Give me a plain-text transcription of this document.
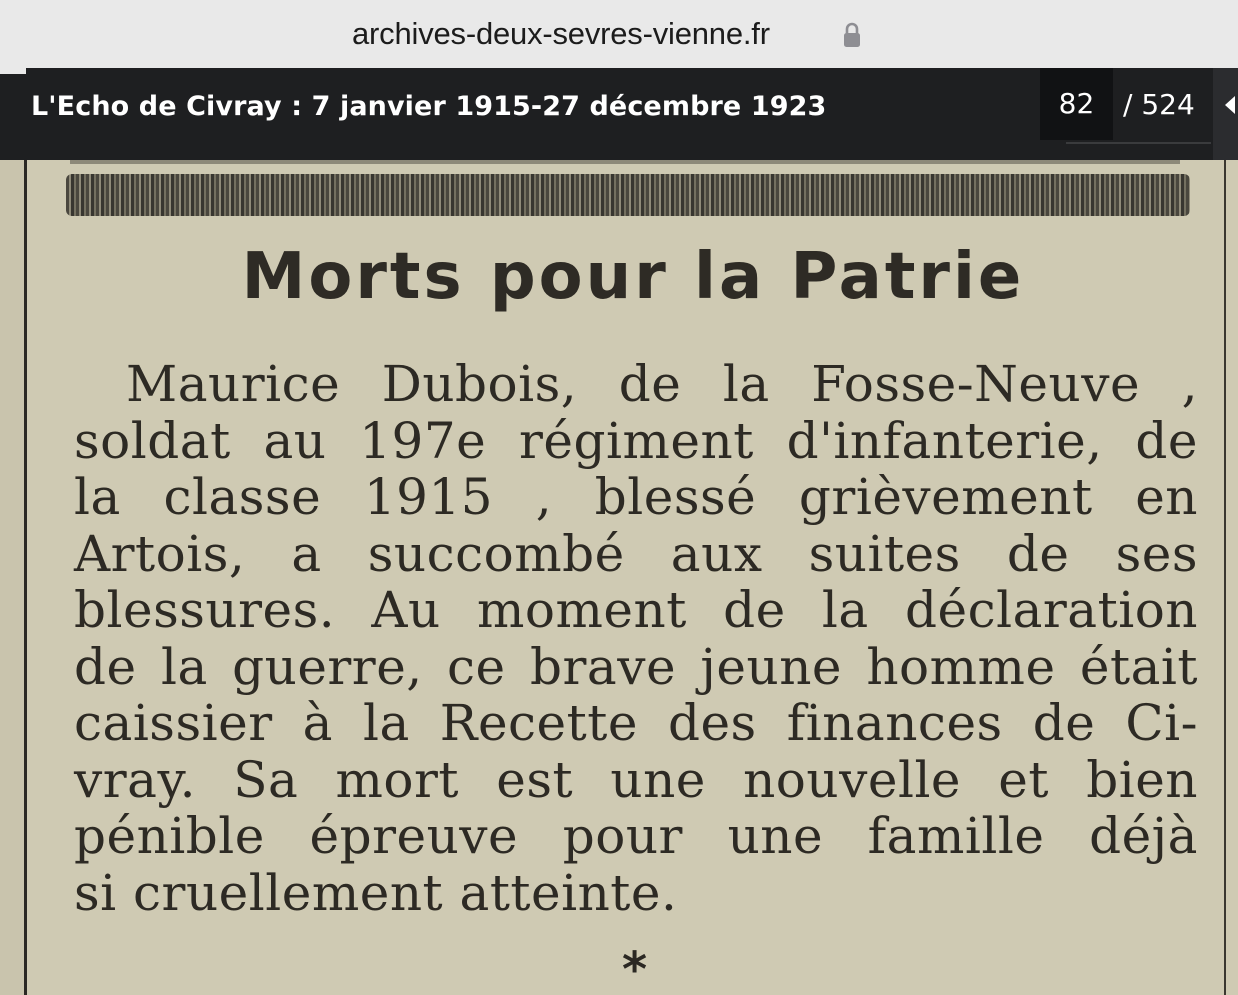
archives-deux-sevres-vienne.fr
L'Echo de Civray : 7 janvier 1915-27 décembre 1923	82	/ 524
Morts pour la Patrie
Maurice Dubois, de la Fosse-Neuve ,
soldat au 197e régiment d'infanterie, de
la classe 1915 , blessé grièvement en
Artois, a succombé aux suites de ses
blessures. Au moment de la déclaration
de la guerre, ce brave jeune homme était
caissier à la Recette des finances de Ci-
vray. Sa mort est une nouvelle et bien
pénible épreuve pour une famille déjà
si cruellement atteinte.
*
